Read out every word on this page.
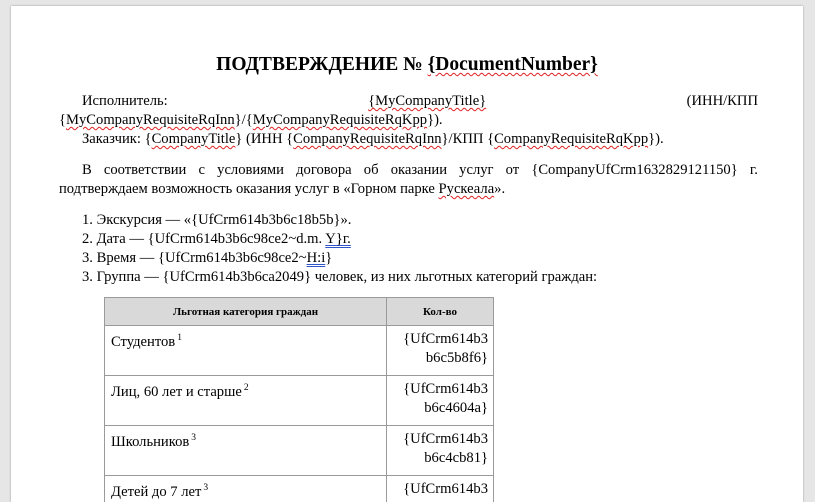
ПОДТВЕРЖДЕНИЕ № {DocumentNumber}
Исполнитель:	{MyCompanyTitle}	(ИНН/КПП
{MyCompanyRequisiteRqInn}/{MyCompanyRequisiteRqKpp}).
Заказчик: {CompanyTitle} (ИНН {CompanyRequisiteRqInn}/КПП {CompanyRequisiteRqKpp}).
В соответствии с условиями договора об оказании услуг от {CompanyUfCrm1632829121150} г.
подтверждаем возможность оказания услуг в «Горном парке Рускеала».
1. Экскурсия — «{UfCrm614b3b6c18b5b}».
2. Дата — {UfCrm614b3b6c98ce2~d.m. Y}г.
3. Время — {UfCrm614b3b6c98ce2~H:i}
3. Группа — {UfCrm614b3b6ca2049} человек, из них льготных категорий граждан:
Льготная категория граждан	Кол-во
Студентов $^1$	{UfCrm614b3
b6c5b8f6}
Лиц, 60 лет и старше $^2$	{UfCrm614b3
b6c4604a}
Школьников $^3$	{UfCrm614b3
b6c4cb81}
Детей до 7 лет $^3$	{UfCrm614b3
